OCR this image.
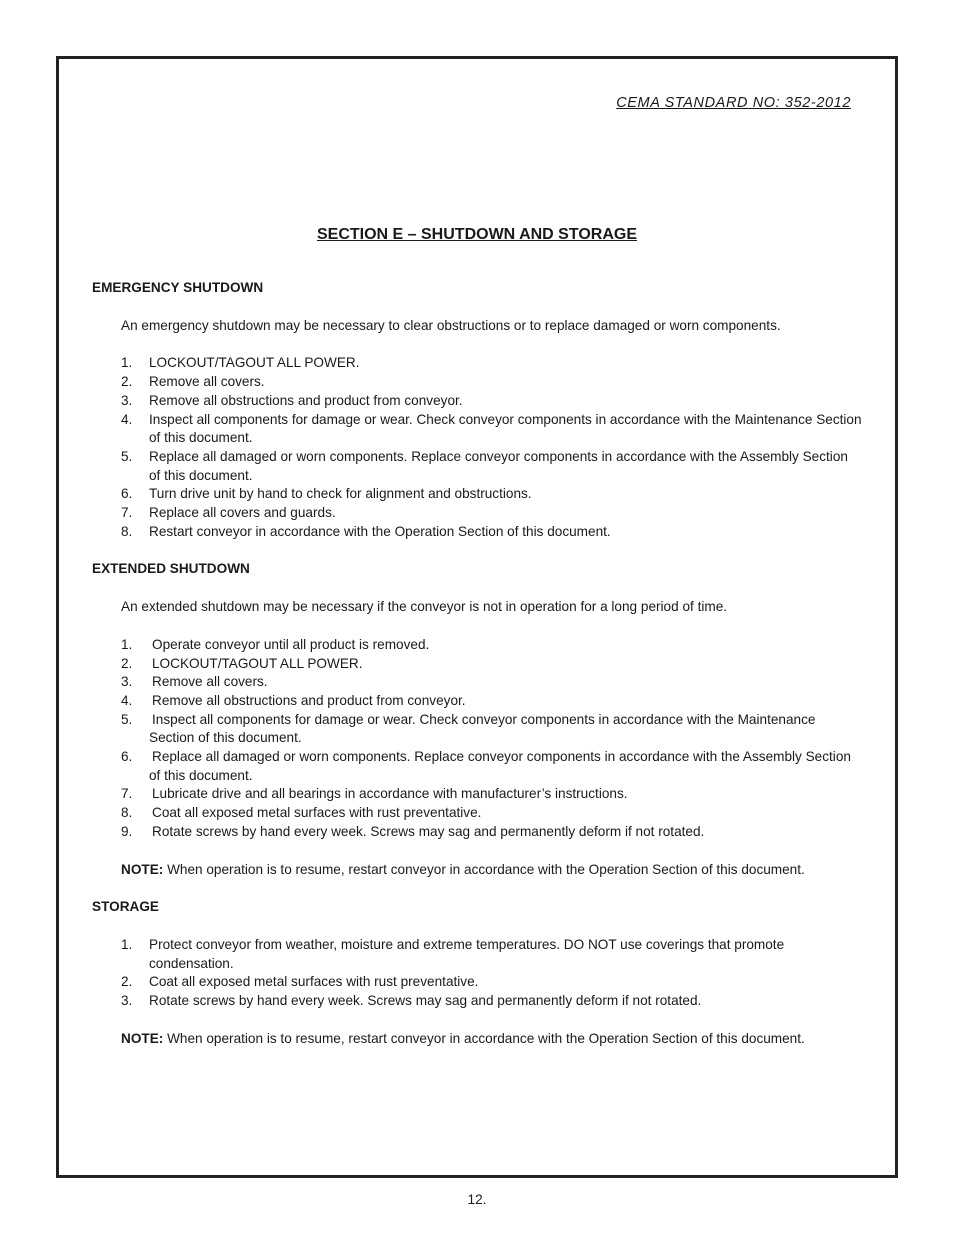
CEMA STANDARD NO: 352-2012
SECTION E – SHUTDOWN AND STORAGE
EMERGENCY SHUTDOWN

An emergency shutdown may be necessary to clear obstructions or to replace damaged or worn components.

1. LOCKOUT/TAGOUT ALL POWER.
2. Remove all covers.
3. Remove all obstructions and product from conveyor.
4. Inspect all components for damage or wear. Check conveyor components in accordance with the Maintenance Section of this document.
5. Replace all damaged or worn components. Replace conveyor components in accordance with the Assembly Section of this document.
6. Turn drive unit by hand to check for alignment and obstructions.
7. Replace all covers and guards.
8. Restart conveyor in accordance with the Operation Section of this document.
EXTENDED SHUTDOWN

An extended shutdown may be necessary if the conveyor is not in operation for a long period of time.

1. Operate conveyor until all product is removed.
2. LOCKOUT/TAGOUT ALL POWER.
3. Remove all covers.
4. Remove all obstructions and product from conveyor.
5. Inspect all components for damage or wear. Check conveyor components in accordance with the Maintenance Section of this document.
6. Replace all damaged or worn components. Replace conveyor components in accordance with the Assembly Section of this document.
7. Lubricate drive and all bearings in accordance with manufacturer’s instructions.
8. Coat all exposed metal surfaces with rust preventative.
9. Rotate screws by hand every week. Screws may sag and permanently deform if not rotated.

NOTE: When operation is to resume, restart conveyor in accordance with the Operation Section of this document.

STORAGE
1. Protect conveyor from weather, moisture and extreme temperatures. DO NOT use coverings that promote condensation.
2. Coat all exposed metal surfaces with rust preventative.
3. Rotate screws by hand every week. Screws may sag and permanently deform if not rotated.

NOTE: When operation is to resume, restart conveyor in accordance with the Operation Section of this document.

12.
